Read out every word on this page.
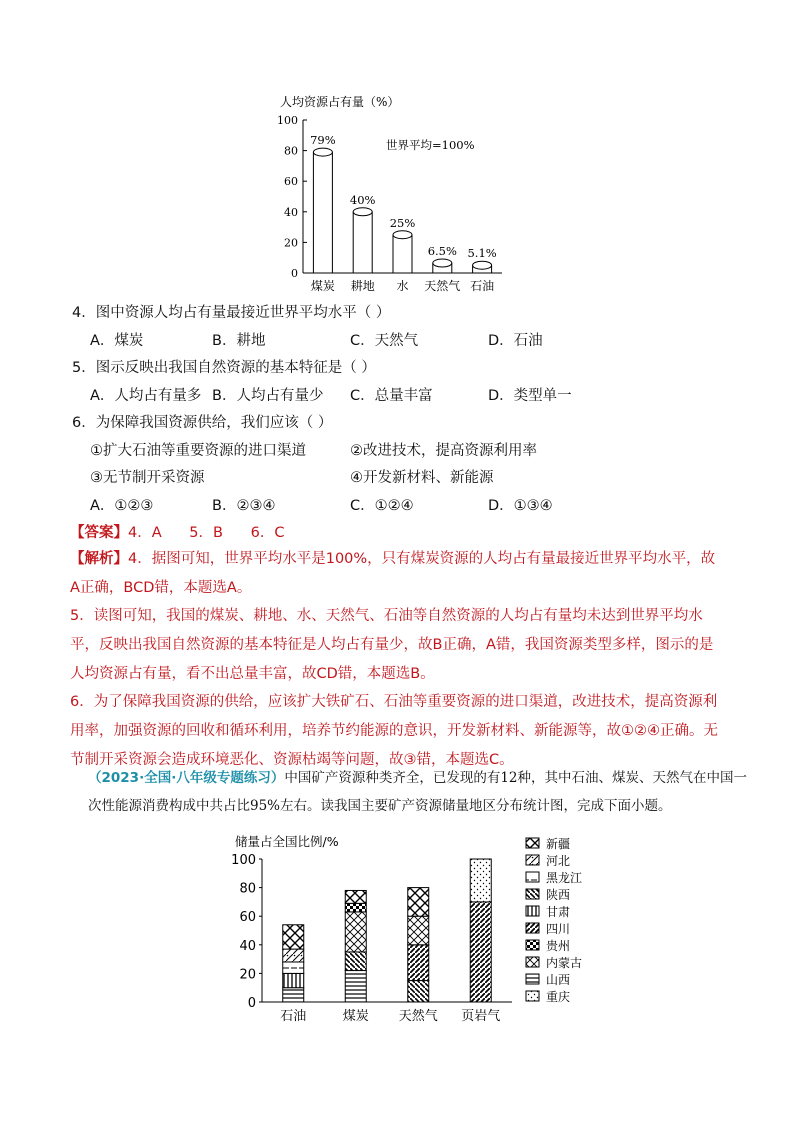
人均资源占有量（%）
世界平均=100%
0
20
40
60
80
100
79%
煤炭
40%
耕地
25%
水
6.5%
天然气
5.1%
石油
4．图中资源人均占有量最接近世界平均水平（ ）
A．煤炭	B．耕地	C．天然气	D．石油
5．图示反映出我国自然资源的基本特征是（ ）
A．人均占有量多 B．人均占有量少 C．总量丰富	D．类型单一
6．为保障我国资源供给，我们应该（ ）
①扩大石油等重要资源的进口渠道	②改进技术，提高资源利用率
③无节制开采资源	④开发新材料、新能源
A．①②③	B．②③④	C．①②④	D．①③④
【答案】4．A      5．B      6．C
【解析】4．据图可知，世界平均水平是100%，只有煤炭资源的人均占有量最接近世界平均水平，故A正确，BCD错，本题选A。
5．读图可知，我国的煤炭、耕地、水、天然气、石油等自然资源的人均占有量均未达到世界平均水平，反映出我国自然资源的基本特征是人均占有量少，故B正确，A错，我国资源类型多样，图示的是人均资源占有量，看不出总量丰富，故CD错，本题选B。
6．为了保障我国资源的供给，应该扩大铁矿石、石油等重要资源的进口渠道，改进技术，提高资源利用率，加强资源的回收和循环利用，培养节约能源的意识，开发新材料、新能源等，故①②④正确。无节制开采资源会造成环境恶化、资源枯竭等问题，故③错，本题选C。
（2023·全国·八年级专题练习）中国矿产资源种类齐全，已发现的有12种，其中石油、煤炭、天然气在中国一次性能源消费构成中共占比95%左右。读我国主要矿产资源储量地区分布统计图，完成下面小题。
储量占全国比例/%
0
20
40
60
80
100
石油	煤炭 天然气 页岩气
新疆
河北
黑龙江
陕西
甘肃
四川
贵州
内蒙古
山西
重庆
